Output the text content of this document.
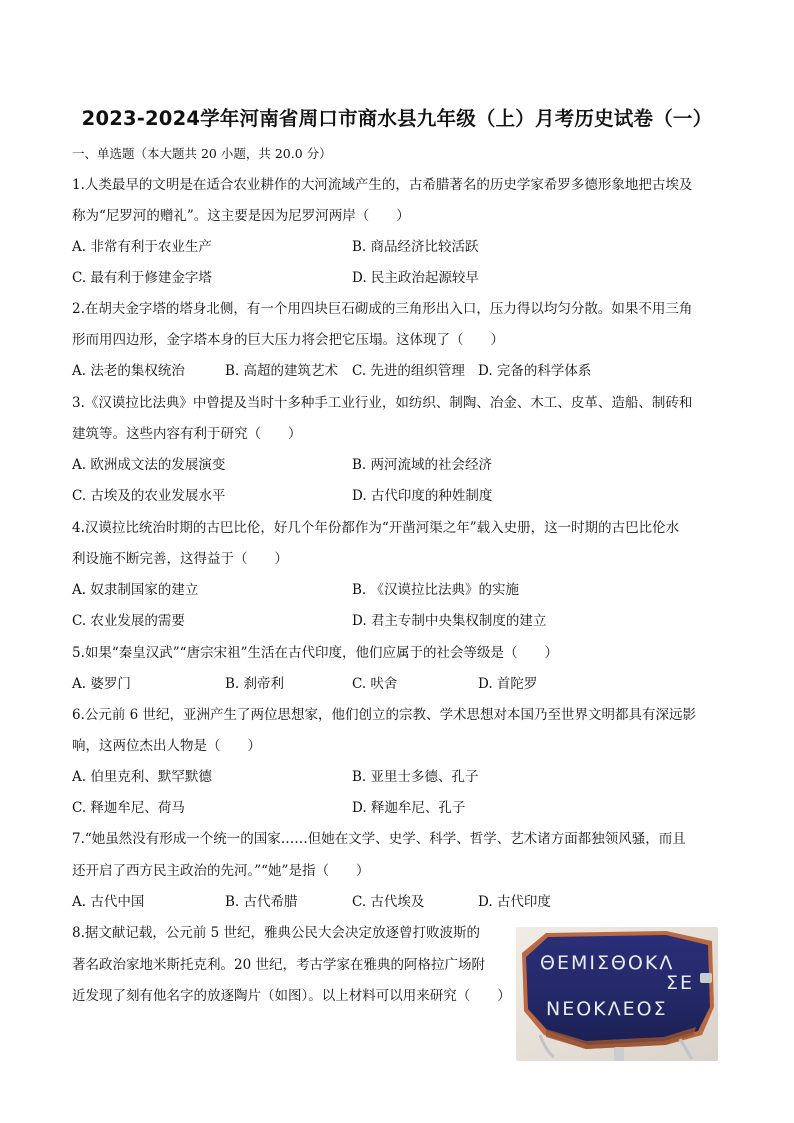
2023-2024学年河南省周口市商水县九年级（上）月考历史试卷（一）
一、单选题（本大题共 20 小题，共 20.0 分）
1.人类最早的文明是在适合农业耕作的大河流域产生的，古希腊著名的历史学家希罗多德形象地把古埃及
称为“尼罗河的赠礼”。这主要是因为尼罗河两岸（　　）
A. 非常有利于农业生产	B. 商品经济比较活跃
C. 最有利于修建金字塔	D. 民主政治起源较早
2.在胡夫金字塔的塔身北侧，有一个用四块巨石砌成的三角形出入口，压力得以均匀分散。如果不用三角
形而用四边形，金字塔本身的巨大压力将会把它压塌。这体现了（　　）
A. 法老的集权统治	B. 高超的建筑艺术 C. 先进的组织管理 D. 完备的科学体系
3.《汉谟拉比法典》中曾提及当时十多种手工业行业，如纺织、制陶、冶金、木工、皮革、造船、制砖和
建筑等。这些内容有利于研究（　　）
A. 欧洲成文法的发展演变	B. 两河流域的社会经济
C. 古埃及的农业发展水平	D. 古代印度的种姓制度
4.汉谟拉比统治时期的古巴比伦，好几个年份都作为“开凿河渠之年”载入史册，这一时期的古巴比伦水
利设施不断完善，这得益于（　　）
A. 奴隶制国家的建立	B. 《汉谟拉比法典》的实施
C. 农业发展的需要	D. 君主专制中央集权制度的建立
5.如果“秦皇汉武”“唐宗宋祖”生活在古代印度，他们应属于的社会等级是（　　）
A. 婆罗门	B. 刹帝利	C. 吠舍	D. 首陀罗
6.公元前 6 世纪，亚洲产生了两位思想家，他们创立的宗教、学术思想对本国乃至世界文明都具有深远影
响，这两位杰出人物是（　　）
A. 伯里克利、默罕默德	B. 亚里士多德、孔子
C. 释迦牟尼、荷马	D. 释迦牟尼、孔子
7.“她虽然没有形成一个统一的国家……但她在文学、史学、科学、哲学、艺术诸方面都独领风骚，而且
还开启了西方民主政治的先河。”“她”是指（　　）
A. 古代中国	B. 古代希腊	C. 古代埃及	D. 古代印度
8.据文献记载，公元前 5 世纪，雅典公民大会决定放逐曾打败波斯的
著名政治家地米斯托克利。20 世纪，考古学家在雅典的阿格拉广场附
近发现了刻有他名字的放逐陶片（如图）。以上材料可以用来研究（　　）
ΘΕΜΙΣΘΟΚΛ
ΣΕ
ΝΕΟΚΛΕΟΣ
